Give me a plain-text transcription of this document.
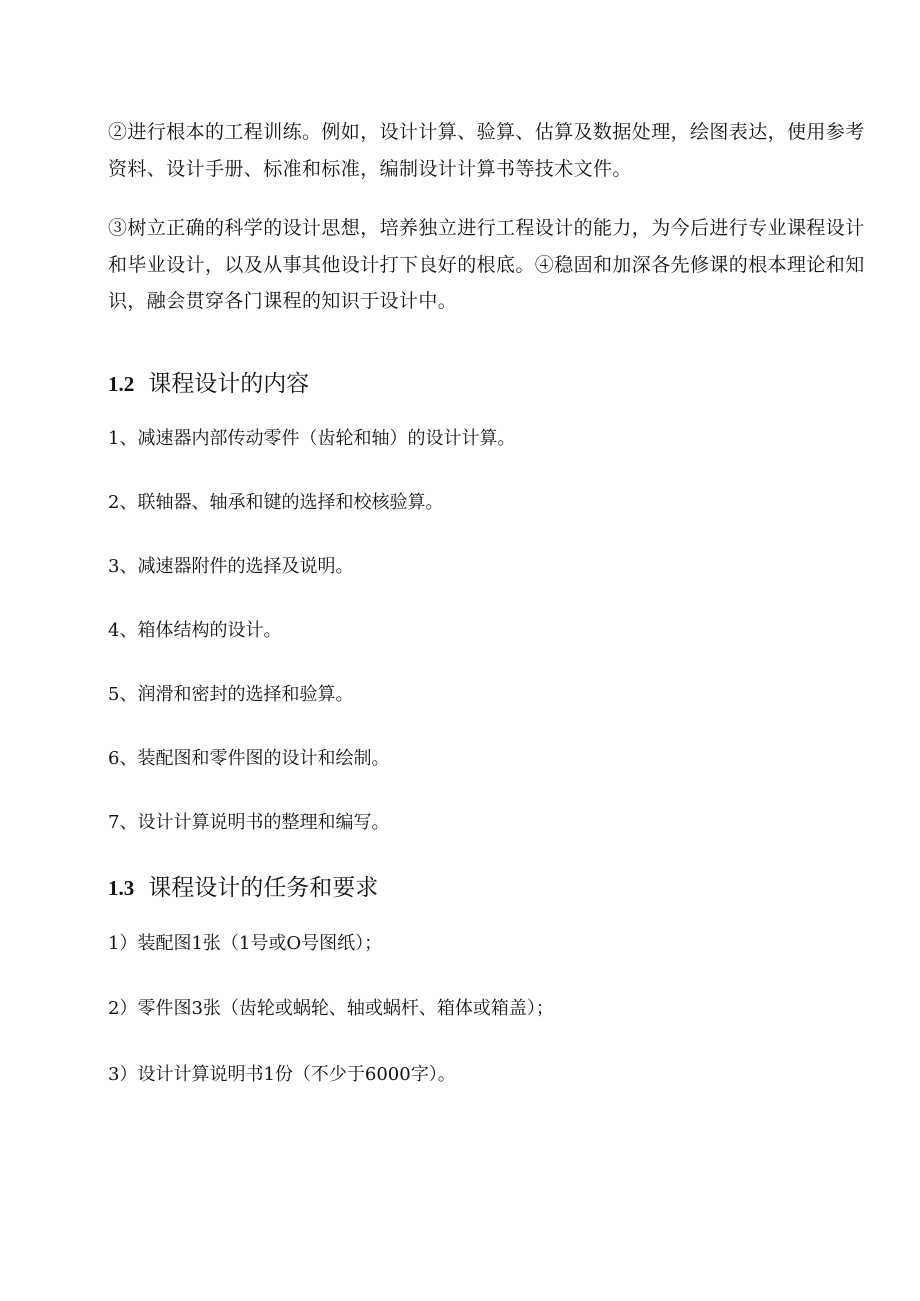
②进行根本的工程训练。例如，设计计算、验算、估算及数据处理，绘图表达，使用参考资料、设计手册、标准和标准，编制设计计算书等技术文件。

③树立正确的科学的设计思想，培养独立进行工程设计的能力，为今后进行专业课程设计和毕业设计，以及从事其他设计打下良好的根底。④稳固和加深各先修课的根本理论和知识，融会贯穿各门课程的知识于设计中。

1.2 课程设计的内容

1、减速器内部传动零件（齿轮和轴）的设计计算。

2、联轴器、轴承和键的选择和校核验算。

3、减速器附件的选择及说明。

4、箱体结构的设计。

5、润滑和密封的选择和验算。

6、装配图和零件图的设计和绘制。

7、设计计算说明书的整理和编写。

1.3 课程设计的任务和要求

1）装配图1张（1号或O号图纸）；

2）零件图3张（齿轮或蜗轮、轴或蜗杆、箱体或箱盖）；

3）设计计算说明书1份（不少于6000字）。
